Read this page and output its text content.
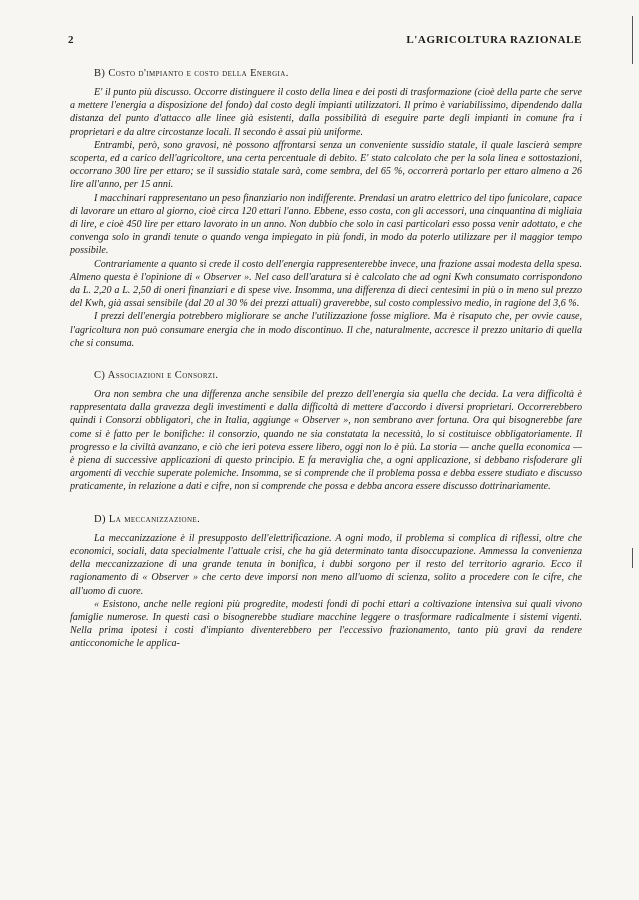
2	L'AGRICOLTURA RAZIONALE
B) Costo d'impianto e costo della Energia.

E' il punto più discusso. Occorre distinguere il costo della linea e dei posti di trasformazione (cioè della parte che serve a mettere l'energia a disposizione del fondo) dal costo degli impianti utilizzatori. Il primo è variabilissimo, dipendendo dalla distanza del punto d'attacco alle linee già esistenti, dalla possibilità di eseguire parte degli impianti in comune fra i proprietari e da altre circostanze locali. Il secondo è assai più uniforme.

Entrambi, però, sono gravosi, nè possono affrontarsi senza un conveniente sussidio statale, il quale lascierà sempre scoperta, ed a carico dell'agricoltore, una certa percentuale di debito. E' stato calcolato che per la sola linea e sottostazioni, occorrano 300 lire per ettaro; se il sussidio statale sarà, come sembra, del 65 %, occorrerà portarlo per ettaro almeno a 26 lire all'anno, per 15 anni.

I macchinari rappresentano un peso finanziario non indifferente. Prendasi un aratro elettrico del tipo funicolare, capace di lavorare un ettaro al giorno, cioè circa 120 ettari l'anno. Ebbene, esso costa, con gli accessori, una cinquantina di migliaia di lire, e cioè 450 lire per ettaro lavorato in un anno. Non dubbio che solo in casi particolari esso possa venir adottato, e che convenga solo in grandi tenute o quando venga impiegato in più fondi, in modo da poterlo utilizzare per il maggior tempo possibile.

Contrariamente a quanto si crede il costo dell'energia rappresenterebbe invece, una frazione assai modesta della spesa. Almeno questa è l'opinione di « Observer ». Nel caso dell'aratura si è calcolato che ad ogni Kwh consumato corrispondono da L. 2,20 a L. 2,50 di oneri finanziari e di spese vive. Insomma, una differenza di dieci centesimi in più o in meno sul prezzo del Kwh, già assai sensibile (dal 20 al 30 % dei prezzi attuali) graverebbe, sul costo complessivo medio, in ragione del 3,6 %.

I prezzi dell'energia potrebbero migliorare se anche l'utilizzazione fosse migliore. Ma è risaputo che, per ovvie cause, l'agricoltura non può consumare energia che in modo discontinuo. Il che, naturalmente, accresce il prezzo unitario di quella che si consuma.

C) Associazioni e Consorzi.

Ora non sembra che una differenza anche sensibile del prezzo dell'energia sia quella che decida. La vera difficoltà è rappresentata dalla gravezza degli investimenti e dalla difficoltà di mettere d'accordo i diversi proprietari. Occorrerebbero quindi i Consorzi obbligatori, che in Italia, aggiunge « Observer », non sembrano aver fortuna. Ora qui bisognerebbe fare come si è fatto per le bonifiche: il consorzio, quando ne sia constatata la necessità, lo si costituisce obbligatoriamente. Il progresso e la civiltà avanzano, e ciò che ieri poteva essere libero, oggi non lo è più. La storia — anche quella economica — è piena di successive applicazioni di questo principio. E fa meraviglia che, a ogni applicazione, si debbano risfoderare gli argomenti di vecchie superate polemiche. Insomma, se si comprende che il problema possa e debba essere studiato e discusso praticamente, in relazione a dati e cifre, non si comprende che possa e debba ancora essere discusso dottrinariamente.

D) La meccanizzazione.

La meccanizzazione è il presupposto dell'elettrificazione. A ogni modo, il problema si complica di riflessi, oltre che economici, sociali, data specialmente l'attuale crisi, che ha già determinato tanta disoccupazione. Ammessa la convenienza della meccanizzazione di una grande tenuta in bonifica, i dubbi sorgono per il resto del territorio agrario. Ecco il ragionamento di « Observer » che certo deve imporsi non meno all'uomo di scienza, solito a procedere con le cifre, che all'uomo di cuore.

« Esistono, anche nelle regioni più progredite, modesti fondi di pochi ettari a coltivazione intensiva sui quali vivono famiglie numerose. In questi casi o bisognerebbe studiare macchine leggere o trasformare radicalmente i sistemi vigenti. Nella prima ipotesi i costi d'impianto diventerebbero per l'eccessivo frazionamento, tanto più gravi da rendere anticconomiche le applica-
